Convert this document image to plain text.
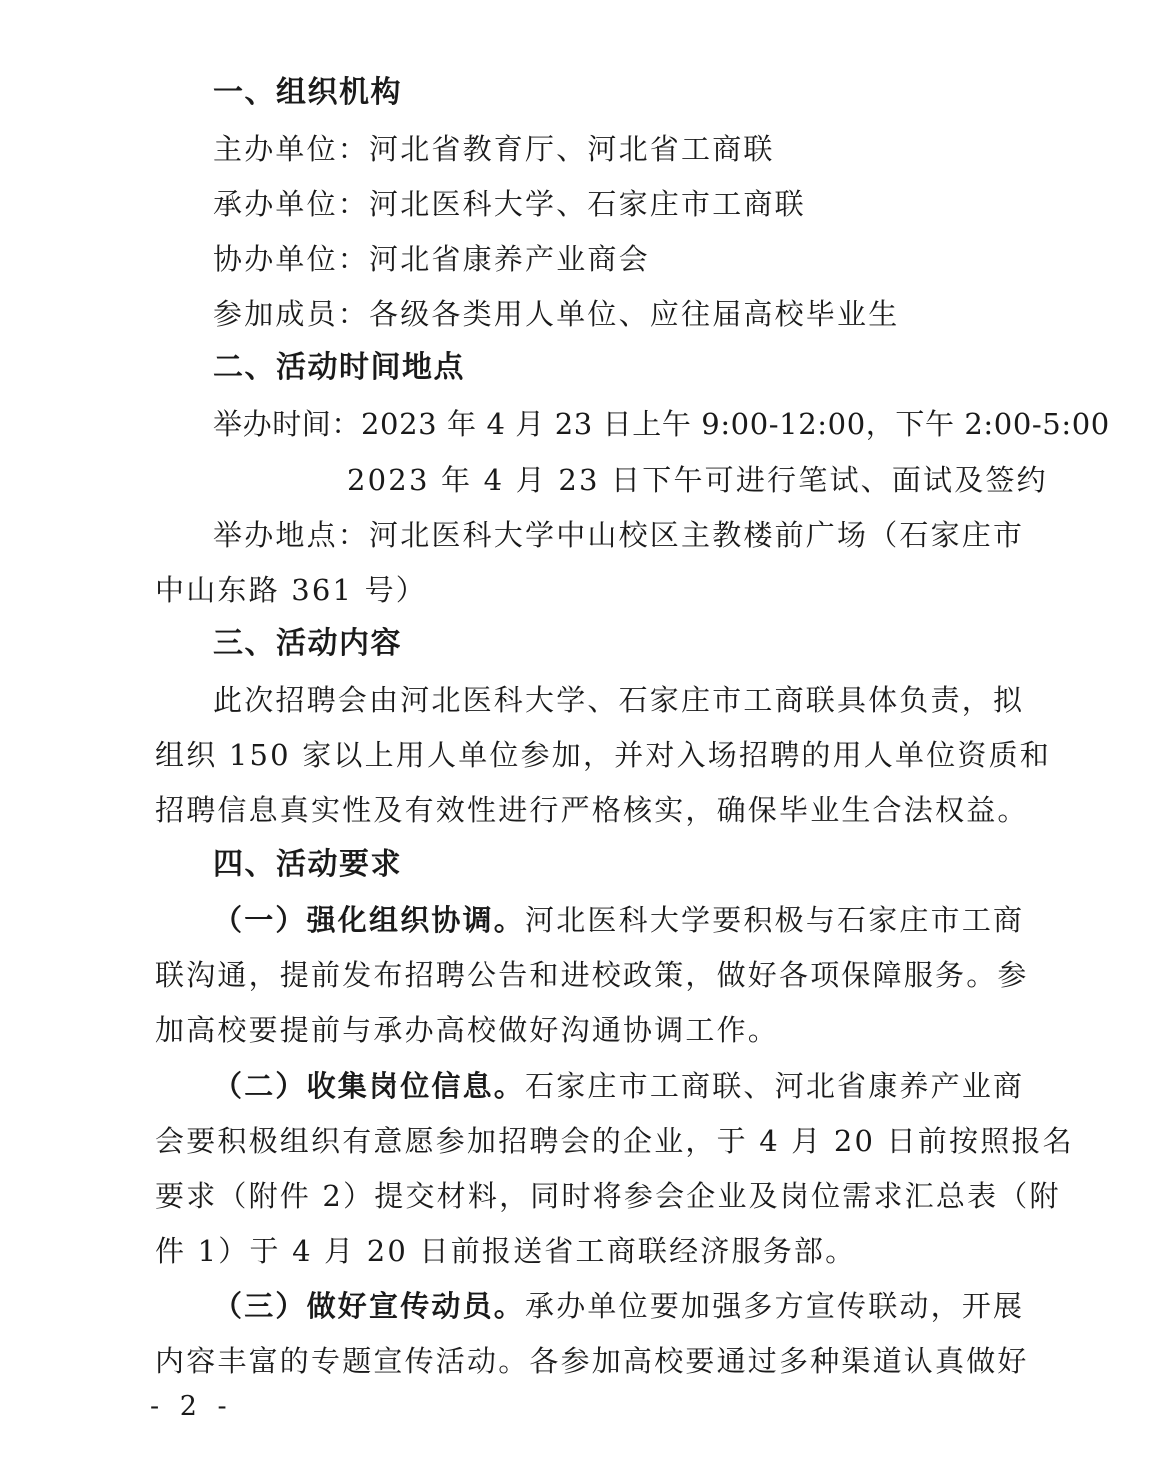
一、组织机构
主办单位：河北省教育厅、河北省工商联
承办单位：河北医科大学、石家庄市工商联
协办单位：河北省康养产业商会
参加成员：各级各类用人单位、应往届高校毕业生
二、活动时间地点
举办时间：2023 年 4 月 23 日上午 9:00-12:00，下午 2:00-5:00
2023 年 4 月 23 日下午可进行笔试、面试及签约
举办地点：河北医科大学中山校区主教楼前广场（石家庄市
中山东路 361 号）
三、活动内容
此次招聘会由河北医科大学、石家庄市工商联具体负责，拟
组织 150 家以上用人单位参加，并对入场招聘的用人单位资质和
招聘信息真实性及有效性进行严格核实，确保毕业生合法权益。
四、活动要求
（一）强化组织协调。河北医科大学要积极与石家庄市工商
联沟通，提前发布招聘公告和进校政策，做好各项保障服务。参
加高校要提前与承办高校做好沟通协调工作。
（二）收集岗位信息。石家庄市工商联、河北省康养产业商
会要积极组织有意愿参加招聘会的企业，于 4 月 20 日前按照报名
要求（附件 2）提交材料，同时将参会企业及岗位需求汇总表（附
件 1）于 4 月 20 日前报送省工商联经济服务部。
（三）做好宣传动员。承办单位要加强多方宣传联动，开展
内容丰富的专题宣传活动。各参加高校要通过多种渠道认真做好
- 2 -
